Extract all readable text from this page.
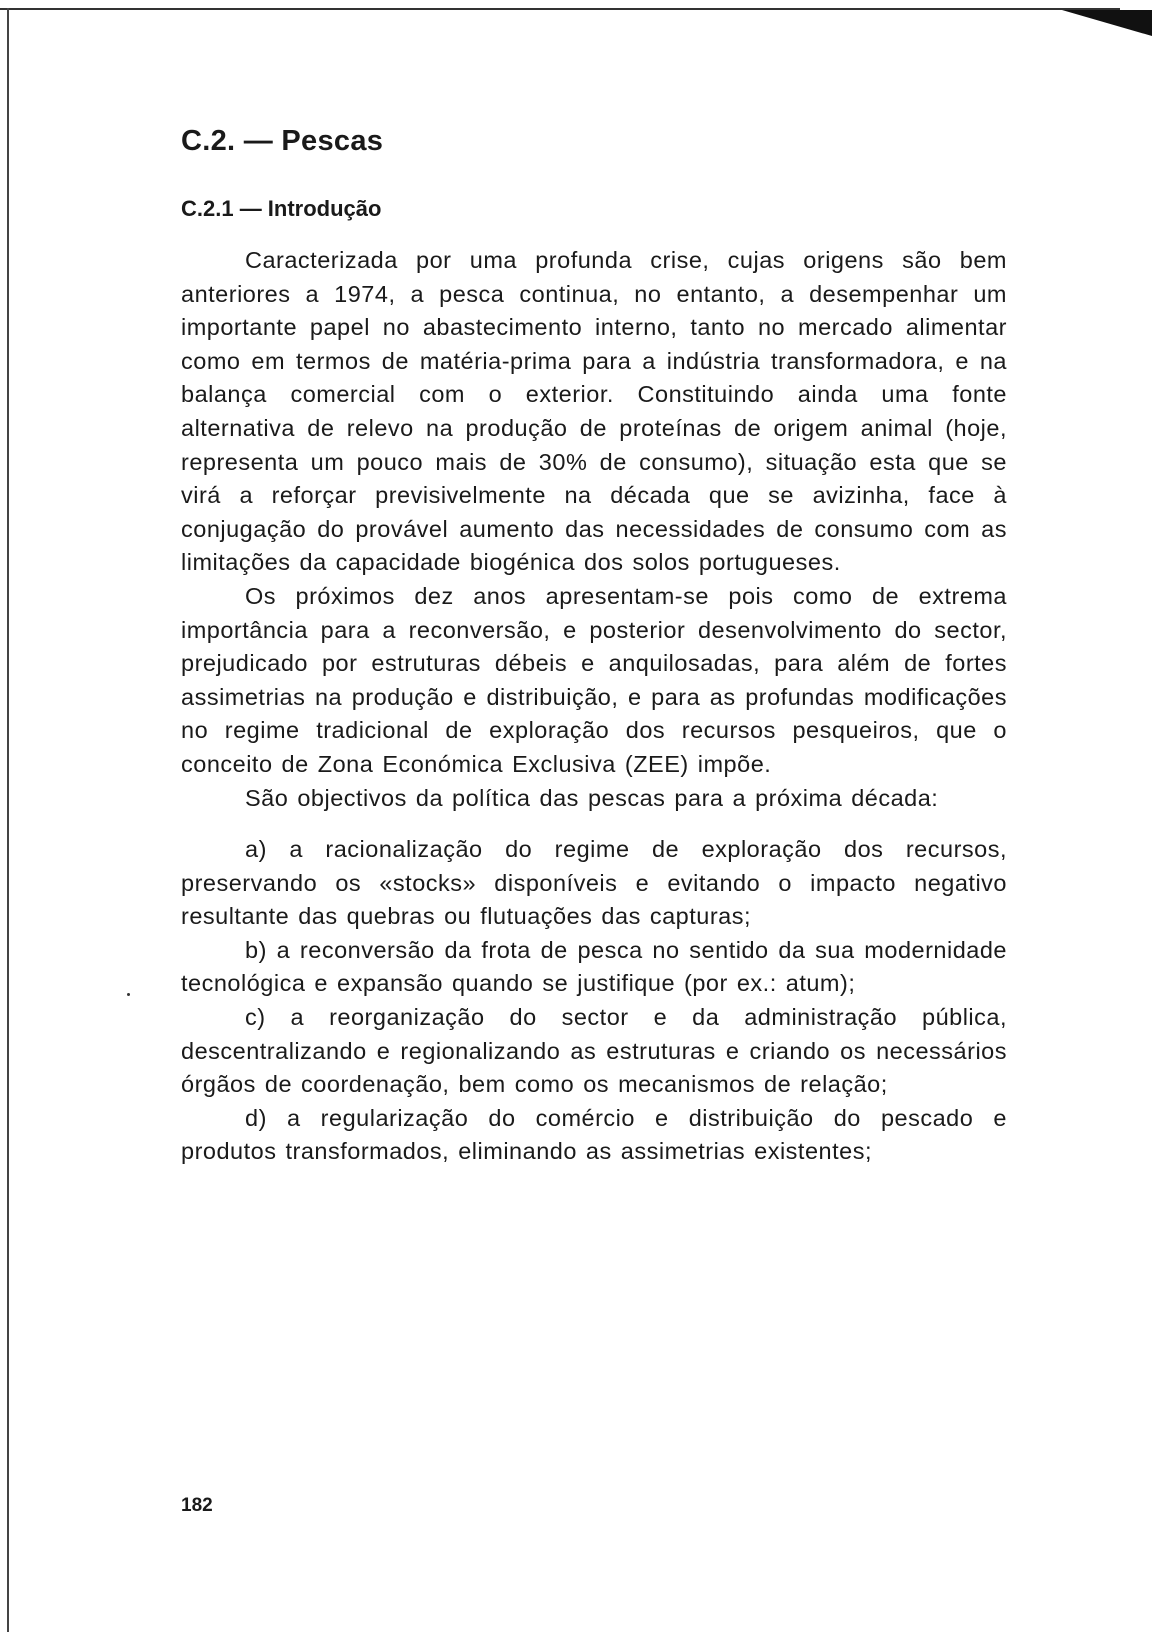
C.2. — Pescas
C.2.1 — Introdução

Caracterizada por uma profunda crise, cujas origens são bem anteriores a 1974, a pesca continua, no entanto, a desempenhar um importante papel no abastecimento interno, tanto no mercado alimentar como em termos de matéria-prima para a indústria transformadora, e na balança comercial com o exterior. Constituindo ainda uma fonte alternativa de relevo na produção de proteínas de origem animal (hoje, representa um pouco mais de 30% de consumo), situação esta que se virá a reforçar previsivelmente na década que se avizinha, face à conjugação do provável aumento das necessidades de consumo com as limitações da capacidade biogénica dos solos portugueses.

Os próximos dez anos apresentam-se pois como de extrema importância para a reconversão, e posterior desenvolvimento do sector, prejudicado por estruturas débeis e anquilosadas, para além de fortes assimetrias na produção e distribuição, e para as profundas modificações no regime tradicional de exploração dos recursos pesqueiros, que o conceito de Zona Económica Exclusiva (ZEE) impõe.

São objectivos da política das pescas para a próxima década:

a) a racionalização do regime de exploração dos recursos, preservando os «stocks» disponíveis e evitando o impacto negativo resultante das quebras ou flutuações das capturas;

b) a reconversão da frota de pesca no sentido da sua modernidade tecnológica e expansão quando se justifique (por ex.: atum);

c) a reorganização do sector e da administração pública, descentralizando e regionalizando as estruturas e criando os necessários órgãos de coordenação, bem como os mecanismos de relação;

d) a regularização do comércio e distribuição do pescado e produtos transformados, eliminando as assimetrias existentes;

182
